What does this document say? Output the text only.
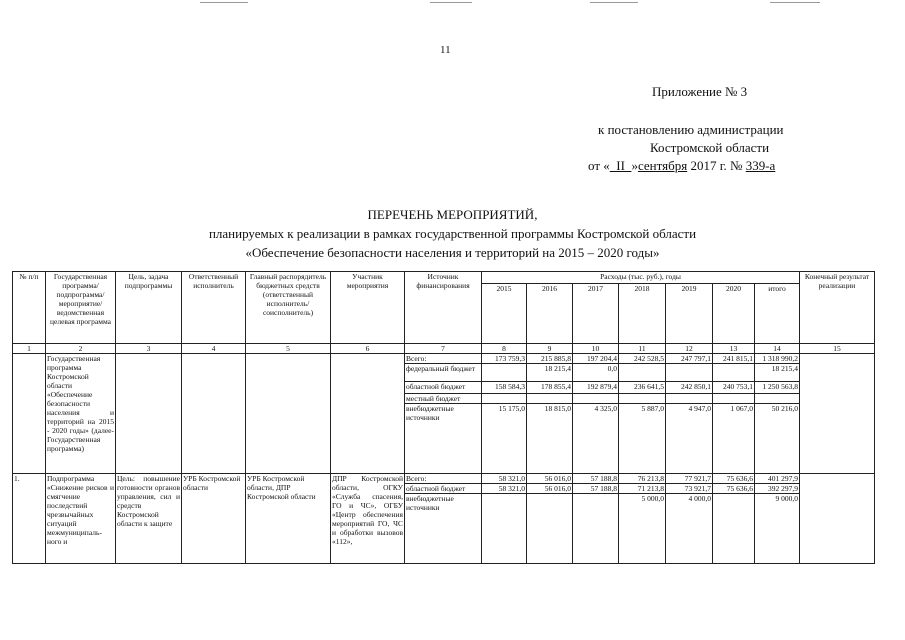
11
Приложение № 3
к постановлению администрации
Костромской области
от «  II  »сентября 2017 г. № 339-а
ПЕРЕЧЕНЬ МЕРОПРИЯТИЙ,
планируемых к реализации в рамках государственной программы Костромской области
«Обеспечение безопасности населения и территорий на 2015 – 2020 годы»
№ п/п	Государственная программа/ подпрограмма/ мероприятие/ ведомственная целевая программа	Цель, задача подпрограммы	Ответственный исполнитель	Главный распорядитель бюджетных средств (ответственный исполнитель/ соисполнитель)	Участник мероприятия	Источник финансирования	Расходы (тыс. руб.), годы							Конечный результат реализации
							2015	2016	2017	2018	2019	2020	итого	
1	2	3	4	5	6	7	8	9	10	11	12	13	14	15
	Государственная программа Костромской области «Обеспечение безопасности населения и территорий на 2015 - 2020 годы» (далее-Государственная программа)					Всего:	173 759,3	215 885,8	197 204,4	242 528,5	247 797,1	241 815,1	1 318 990,2	
						федеральный бюджет		18 215,4	0,0				18 215,4	
						областной бюджет	158 584,3	178 855,4	192 879,4	236 641,5	242 850,1	240 753,1	1 250 563,8	
						местный бюджет								
						внебюджетные источники	15 175,0	18 815,0	4 325,0	5 887,0	4 947,0	1 067,0	50 216,0	
1.	Подпрограмма «Снижение рисков и смягчение последствий чрезвычайных ситуаций межмуниципаль-ного и	Цель: повышение готовности органов управления, сил и средств Костромской области к защите	УРБ Костромской области	УРБ Костромской области, ДПР Костромской области	ДПР Костромской области, ОГКУ «Служба спасения, ГО и ЧС», ОГБУ «Центр обеспечения мероприятий ГО, ЧС и обработки вызовов «112»,	Всего:	58 321,0	56 016,0	57 188,8	76 213,8	77 921,7	75 636,6	401 297,9	
						областной бюджет	58 321,0	56 016,0	57 188,8	71 213,8	73 921,7	75 636,6	392 297,9	
						внебюджетные источники				5 000,0	4 000,0		9 000,0	
